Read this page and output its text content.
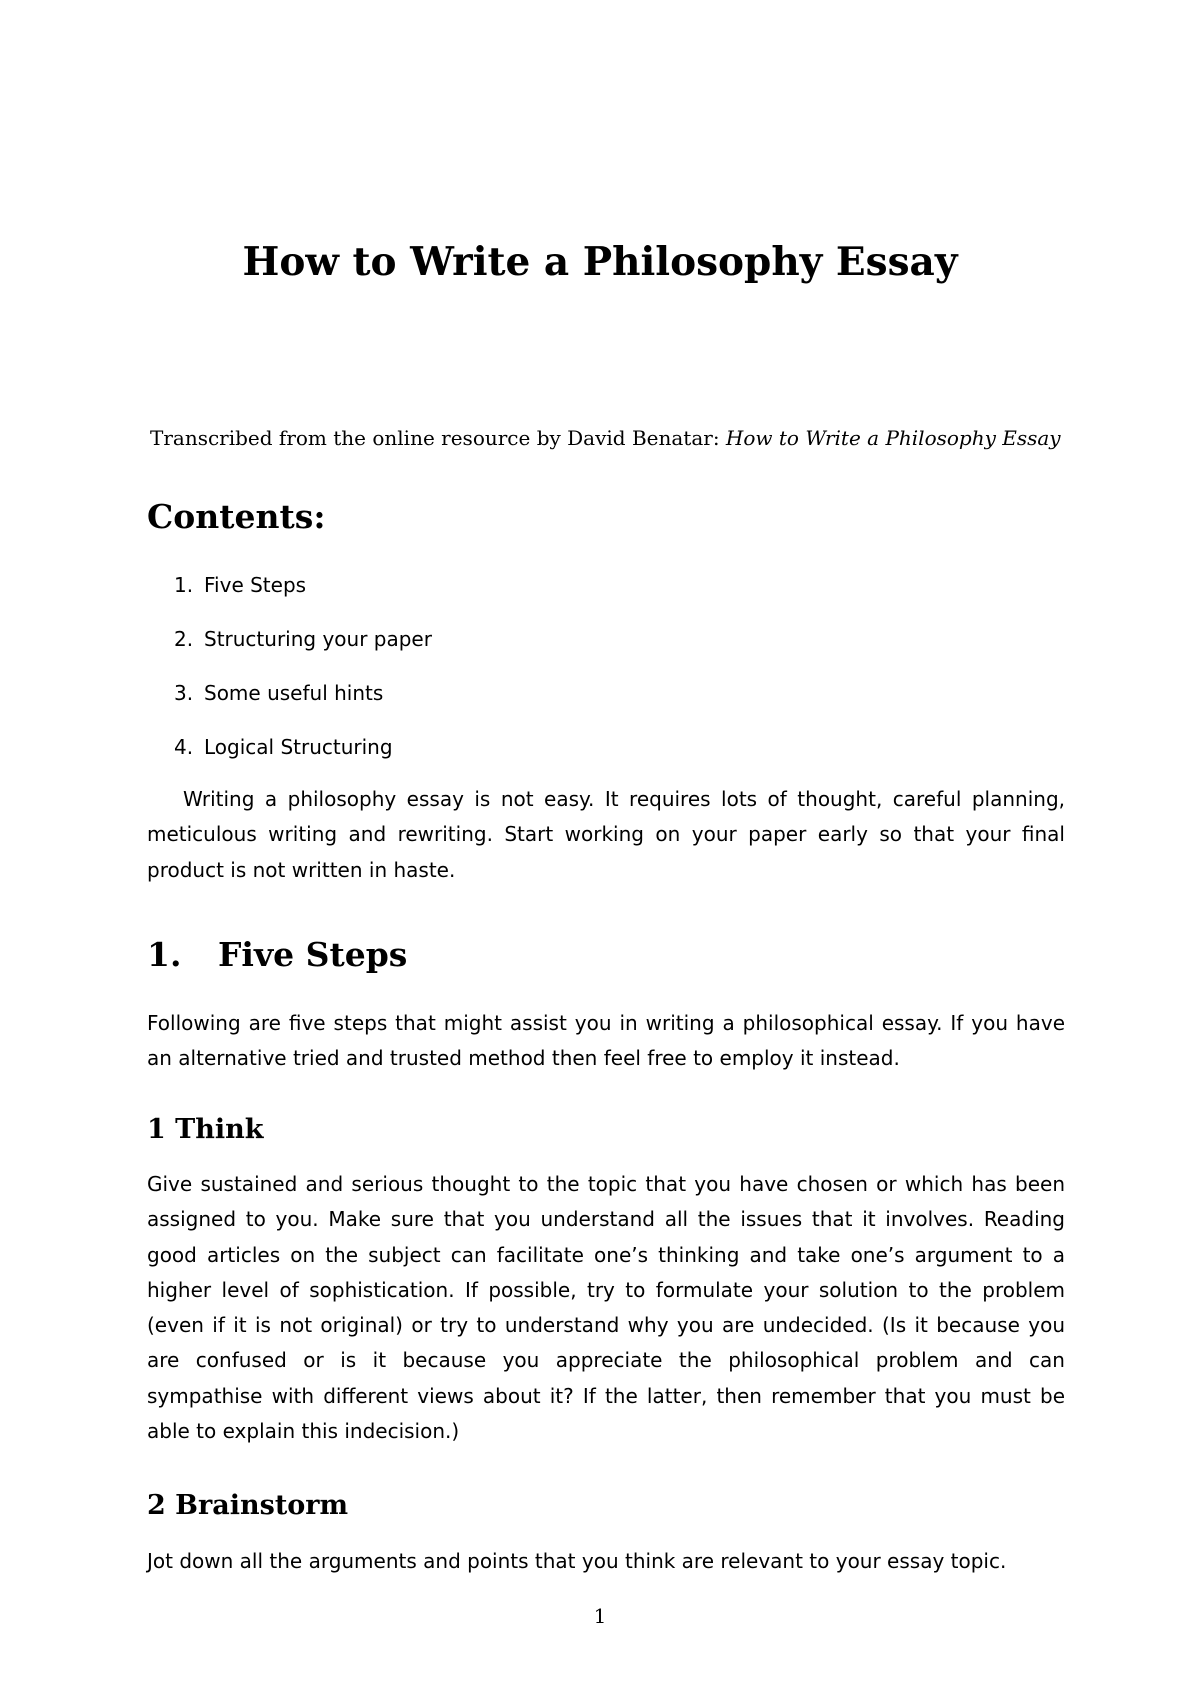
How to Write a Philosophy Essay

Transcribed from the online resource by David Benatar: How to Write a Philosophy Essay

Contents:
1. Five Steps
2. Structuring your paper
3. Some useful hints
4. Logical Structuring

Writing a philosophy essay is not easy. It requires lots of thought, careful planning, meticulous writing and rewriting. Start working on your paper early so that your final product is not written in haste.

1. Five Steps

Following are five steps that might assist you in writing a philosophical essay. If you have an alternative tried and trusted method then feel free to employ it instead.

1 Think

Give sustained and serious thought to the topic that you have chosen or which has been assigned to you. Make sure that you understand all the issues that it involves. Reading good articles on the subject can facilitate one’s thinking and take one’s argument to a higher level of sophistication. If possible, try to formulate your solution to the problem (even if it is not original) or try to understand why you are undecided. (Is it because you are confused or is it because you appreciate the philosophical problem and can sympathise with different views about it? If the latter, then remember that you must be able to explain this indecision.)

2 Brainstorm

Jot down all the arguments and points that you think are relevant to your essay topic.

1
